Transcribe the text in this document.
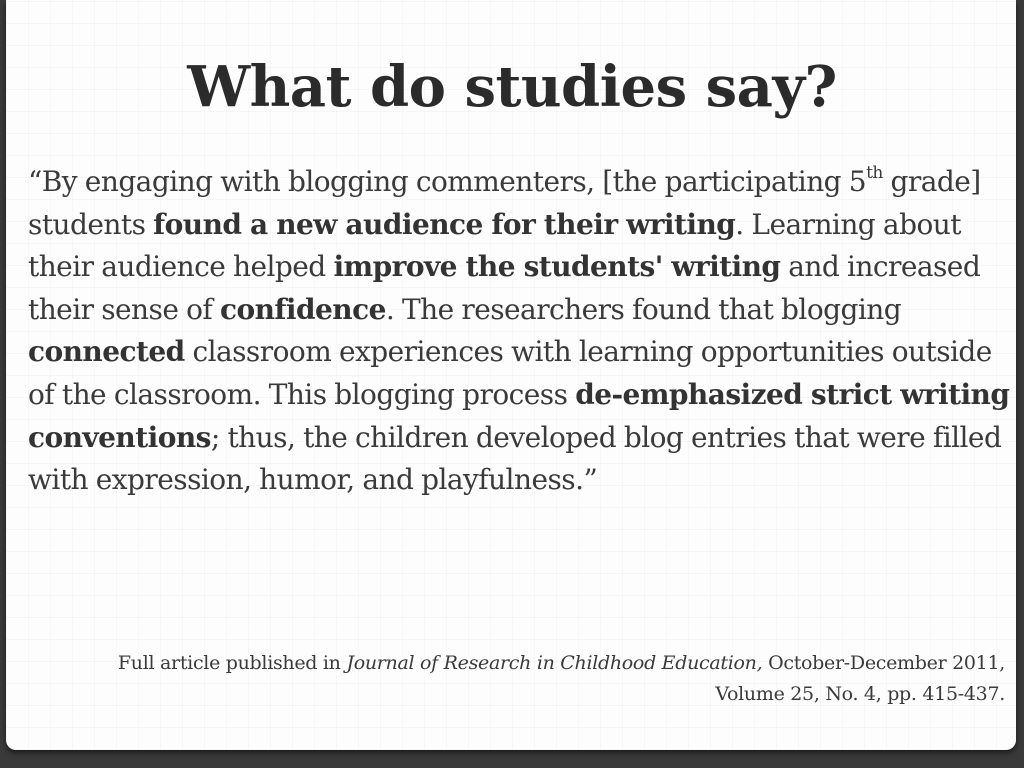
What do studies say?

“By engaging with blogging commenters, [the participating 5th grade] students found a new audience for their writing. Learning about their audience helped improve the students' writing and increased their sense of confidence. The researchers found that blogging connected classroom experiences with learning opportunities outside of the classroom. This blogging process de-emphasized strict writing conventions; thus, the children developed blog entries that were filled with expression, humor, and playfulness.”

Full article published in Journal of Research in Childhood Education, October-December 2011, Volume 25, No. 4, pp. 415-437.
